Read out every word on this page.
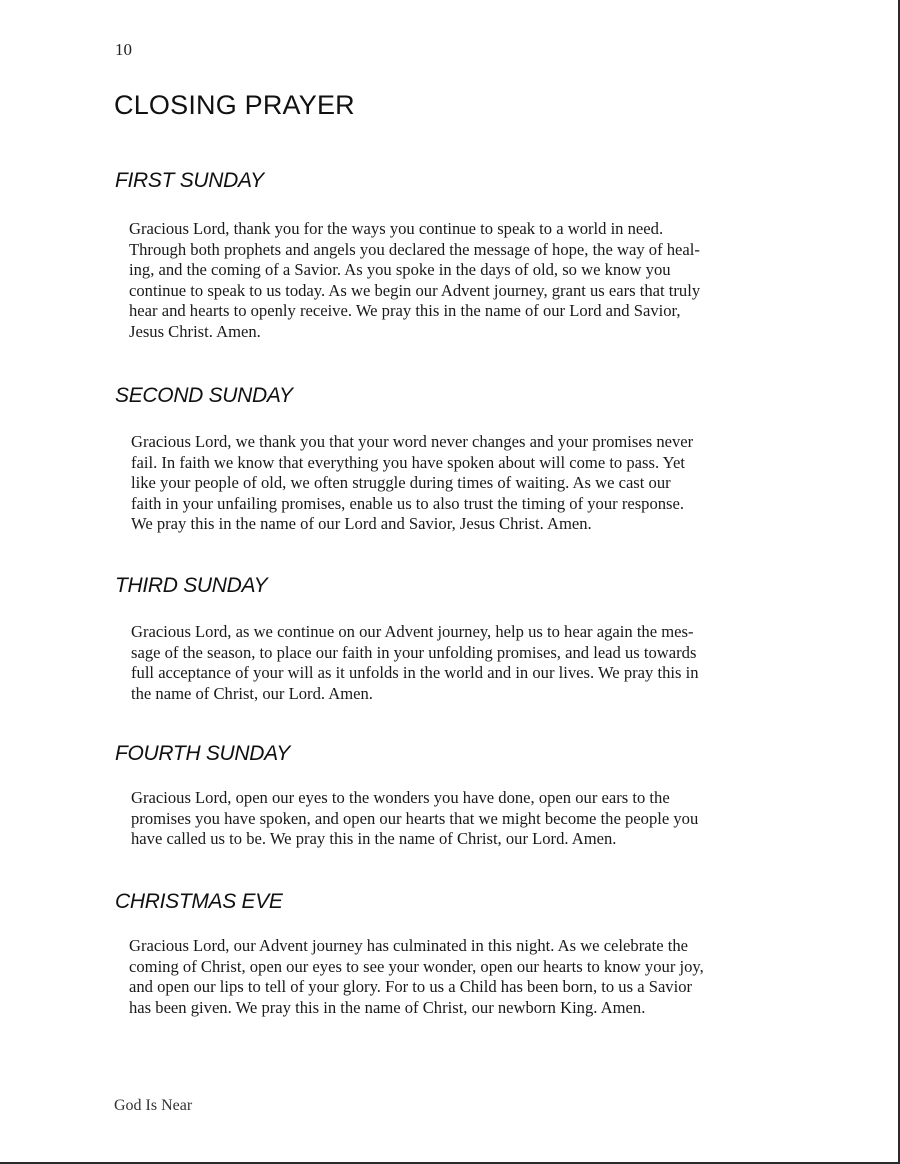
10
CLOSING PRAYER
FIRST SUNDAY

Gracious Lord, thank you for the ways you continue to speak to a world in need.
Through both prophets and angels you declared the message of hope, the way of heal-
ing, and the coming of a Savior. As you spoke in the days of old, so we know you
continue to speak to us today. As we begin our Advent journey, grant us ears that truly
hear and hearts to openly receive. We pray this in the name of our Lord and Savior,
Jesus Christ. Amen.

SECOND SUNDAY

Gracious Lord, we thank you that your word never changes and your promises never
fail. In faith we know that everything you have spoken about will come to pass. Yet
like your people of old, we often struggle during times of waiting. As we cast our
faith in your unfailing promises, enable us to also trust the timing of your response.
We pray this in the name of our Lord and Savior, Jesus Christ. Amen.

THIRD SUNDAY

Gracious Lord, as we continue on our Advent journey, help us to hear again the mes-
sage of the season, to place our faith in your unfolding promises, and lead us towards
full acceptance of your will as it unfolds in the world and in our lives. We pray this in
the name of Christ, our Lord. Amen.

FOURTH SUNDAY

Gracious Lord, open our eyes to the wonders you have done, open our ears to the
promises you have spoken, and open our hearts that we might become the people you
have called us to be. We pray this in the name of Christ, our Lord. Amen.

CHRISTMAS EVE

Gracious Lord, our Advent journey has culminated in this night. As we celebrate the
coming of Christ, open our eyes to see your wonder, open our hearts to know your joy,
and open our lips to tell of your glory. For to us a Child has been born, to us a Savior
has been given. We pray this in the name of Christ, our newborn King. Amen.

God Is Near
